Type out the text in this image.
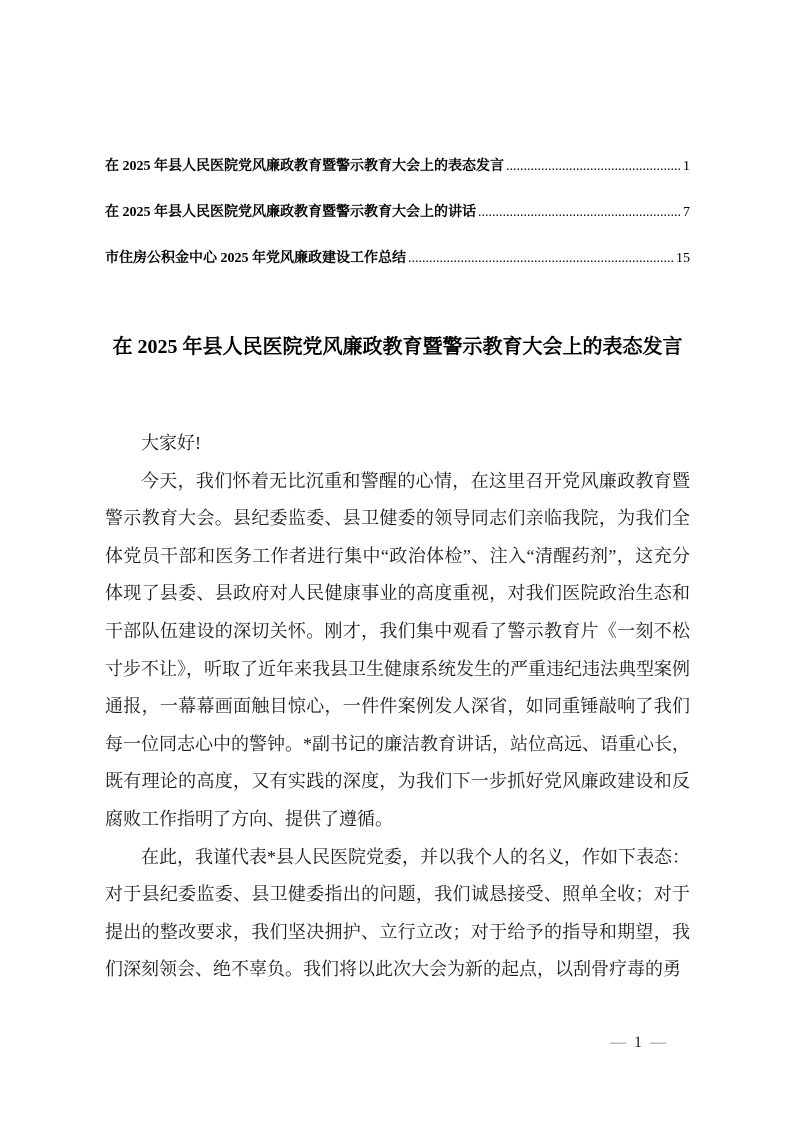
在 2025 年县人民医院党风廉政教育暨警示教育大会上的表态发言 .....	1
在 2025 年县人民医院党风廉政教育暨警示教育大会上的讲话 .....	7
市住房公积金中心 2025 年党风廉政建设工作总结 .....	15
在 2025 年县人民医院党风廉政教育暨警示教育大会上的表态发言

大家好!

今天，我们怀着无比沉重和警醒的心情，在这里召开党风廉政教育暨警示教育大会。县纪委监委、县卫健委的领导同志们亲临我院，为我们全体党员干部和医务工作者进行集中“政治体检”、注入“清醒药剂”，这充分体现了县委、县政府对人民健康事业的高度重视，对我们医院政治生态和干部队伍建设的深切关怀。刚才，我们集中观看了警示教育片《一刻不松寸步不让》，听取了近年来我县卫生健康系统发生的严重违纪违法典型案例通报，一幕幕画面触目惊心，一件件案例发人深省，如同重锤敲响了我们每一位同志心中的警钟。*副书记的廉洁教育讲话，站位高远、语重心长，既有理论的高度，又有实践的深度，为我们下一步抓好党风廉政建设和反腐败工作指明了方向、提供了遵循。

在此，我谨代表*县人民医院党委，并以我个人的名义，作如下表态：对于县纪委监委、县卫健委指出的问题，我们诚恳接受、照单全收；对于提出的整改要求，我们坚决拥护、立行立改；对于给予的指导和期望，我们深刻领会、绝不辜负。我们将以此次大会为新的起点，以刮骨疗毒的勇

— 1 —
